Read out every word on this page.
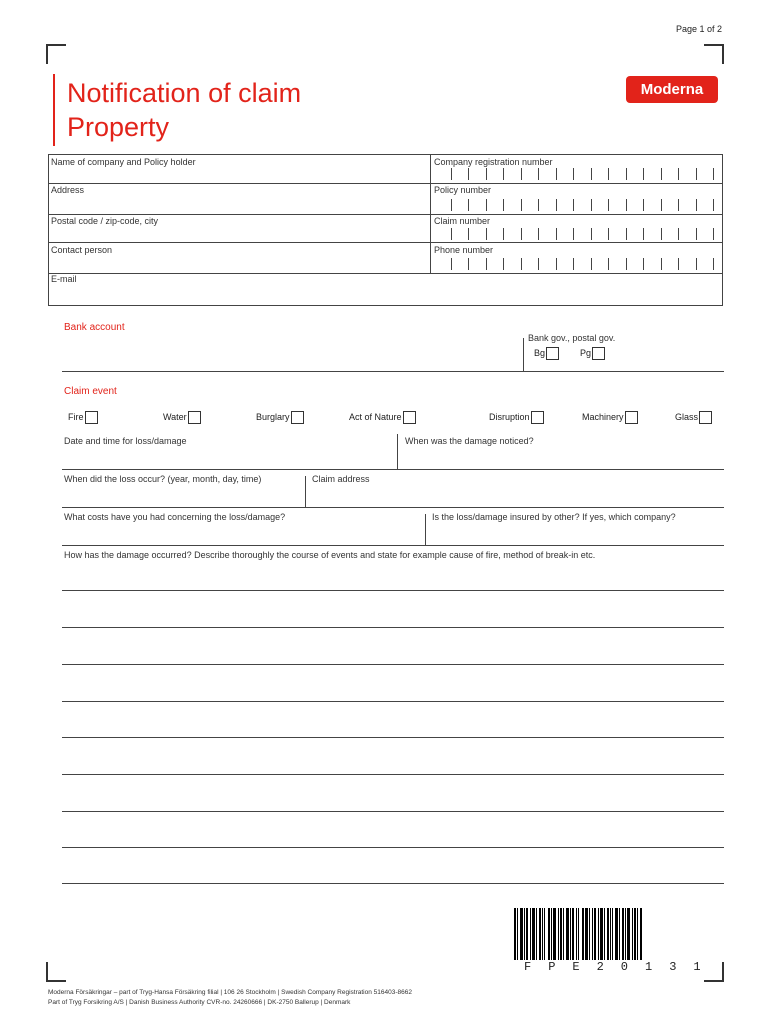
Page 1 of 2
Notification of claim
Property
Moderna
Name of company and Policy holder	Company registration number
Address	Policy number
Postal code / zip-code, city	Claim number
Contact person	Phone number
E-mail
Bank account
Bank gov., postal gov.
Bg	Pg
Claim event
Fire	Water	Burglary	Act of Nature	Disruption	Machinery	Glass
Date and time for loss/damage	When was the damage noticed?
When did the loss occur? (year, month, day, time)	Claim address
What costs have you had concerning the loss/damage?	Is the loss/damage insured by other? If yes, which company?
How has the damage occurred? Describe thoroughly the course of events and state for example cause of fire, method of break-in etc.
FPE20131
Moderna Försäkringar – part of Tryg-Hansa Försäkring filial | 106 26 Stockholm | Swedish Company Registration 516403-8662
Part of Tryg Forsikring A/S | Danish Business Authority CVR-no. 24260666 | DK-2750 Ballerup | Denmark
